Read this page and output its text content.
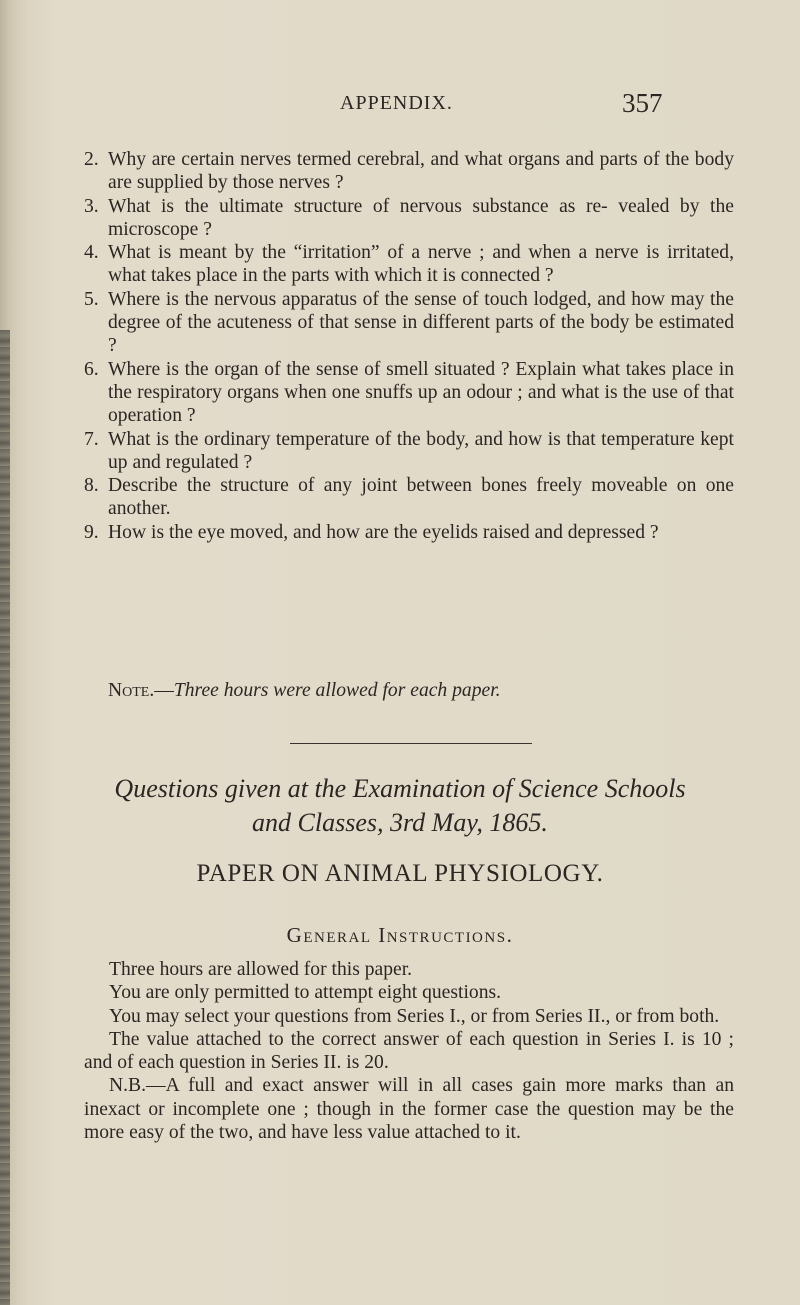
APPENDIX.	357
2. Why are certain nerves termed cerebral, and what organs and parts of the body are supplied by those nerves ?
3. What is the ultimate structure of nervous substance as re- vealed by the microscope ?
4. What is meant by the “irritation” of a nerve ; and when a nerve is irritated, what takes place in the parts with which it is connected ?
5. Where is the nervous apparatus of the sense of touch lodged, and how may the degree of the acuteness of that sense in different parts of the body be estimated ?
6. Where is the organ of the sense of smell situated ? Explain what takes place in the respiratory organs when one snuffs up an odour ; and what is the use of that operation ?
7. What is the ordinary temperature of the body, and how is that temperature kept up and regulated ?
8. Describe the structure of any joint between bones freely moveable on one another.
9. How is the eye moved, and how are the eyelids raised and depressed ?
Note.—Three hours were allowed for each paper.
Questions given at the Examination of Science Schools
and Classes, 3rd May, 1865.
PAPER ON ANIMAL PHYSIOLOGY.
General Instructions.

Three hours are allowed for this paper.

You are only permitted to attempt eight questions.

You may select your questions from Series I., or from Series II., or from both.

The value attached to the correct answer of each question in Series I. is 10 ; and of each question in Series II. is 20.

N.B.—A full and exact answer will in all cases gain more marks than an inexact or incomplete one ; though in the former case the question may be the more easy of the two, and have less value attached to it.
